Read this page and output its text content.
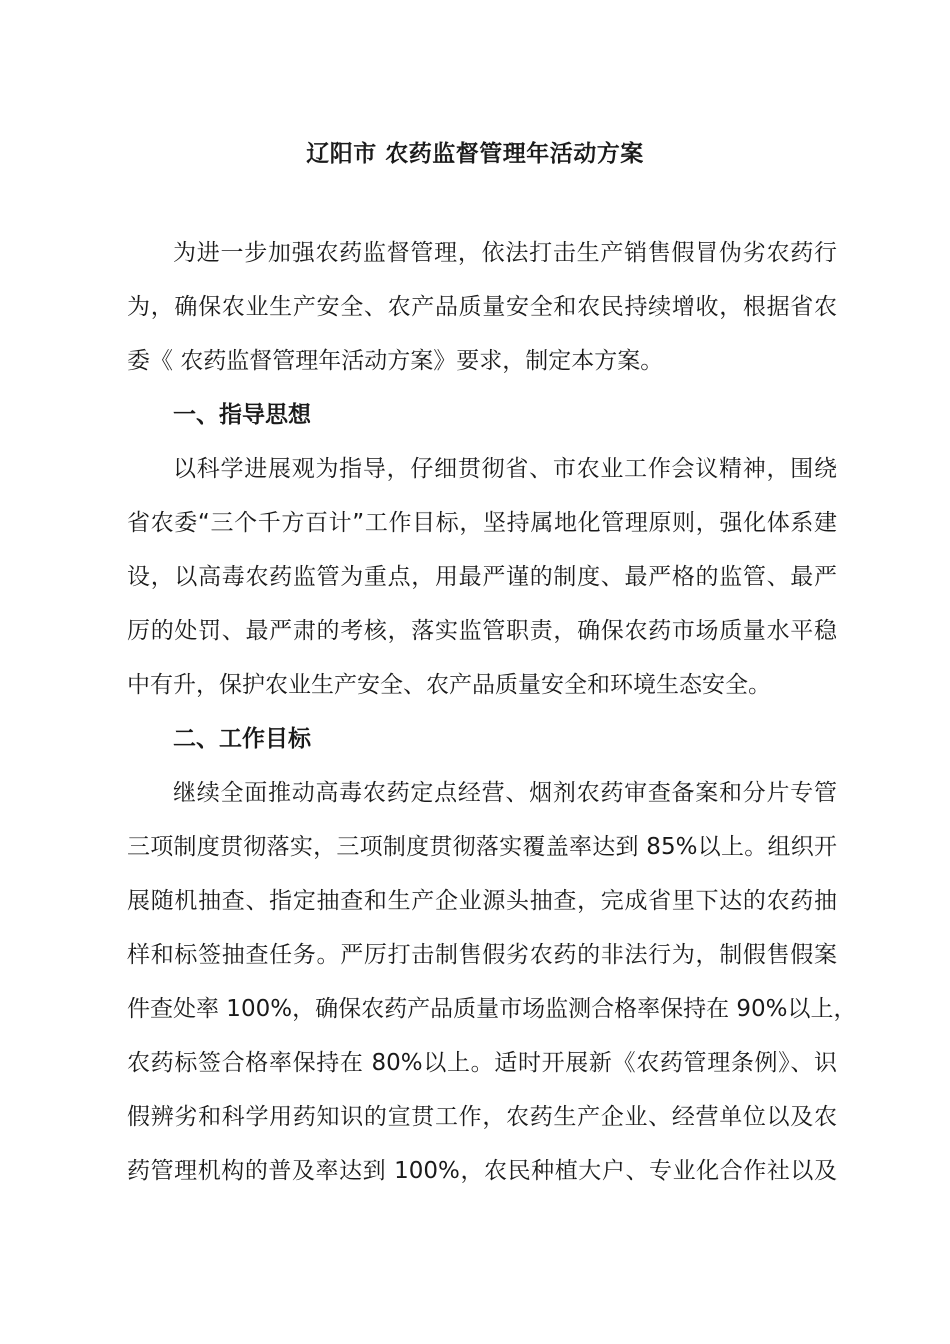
辽阳市 农药监督管理年活动方案
为进一步加强农药监督管理，依法打击生产销售假冒伪劣农药行
为，确保农业生产安全、农产品质量安全和农民持续增收，根据省农
委《 农药监督管理年活动方案》要求，制定本方案。
一、指导思想
以科学进展观为指导，仔细贯彻省、市农业工作会议精神，围绕
省农委“三个千方百计”工作目标，坚持属地化管理原则，强化体系建
设，以高毒农药监管为重点，用最严谨的制度、最严格的监管、最严
厉的处罚、最严肃的考核，落实监管职责，确保农药市场质量水平稳
中有升，保护农业生产安全、农产品质量安全和环境生态安全。
二、工作目标
继续全面推动高毒农药定点经营、烟剂农药审查备案和分片专管
三项制度贯彻落实，三项制度贯彻落实覆盖率达到 85%以上。组织开
展随机抽查、指定抽查和生产企业源头抽查，完成省里下达的农药抽
样和标签抽查任务。严厉打击制售假劣农药的非法行为，制假售假案
件查处率 100%，确保农药产品质量市场监测合格率保持在 90%以上，
农药标签合格率保持在 80%以上。适时开展新《农药管理条例》、识
假辨劣和科学用药知识的宣贯工作，农药生产企业、经营单位以及农
药管理机构的普及率达到 100%，农民种植大户、专业化合作社以及
